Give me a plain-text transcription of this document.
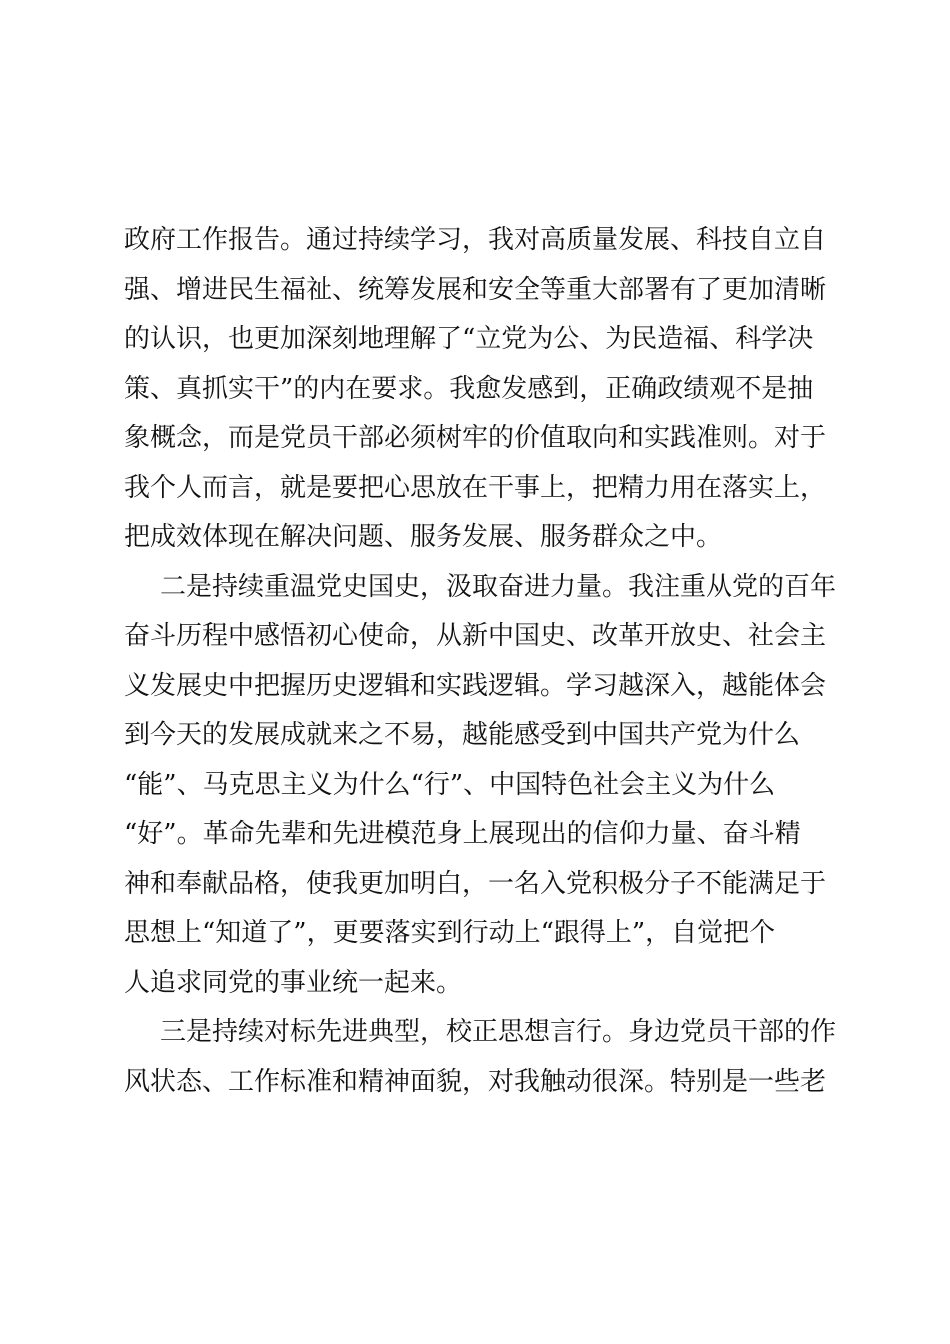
政府工作报告。通过持续学习，我对高质量发展、科技自立自
强、增进民生福祉、统筹发展和安全等重大部署有了更加清晰
的认识，也更加深刻地理解了“立党为公、为民造福、科学决
策、真抓实干”的内在要求。我愈发感到，正确政绩观不是抽
象概念，而是党员干部必须树牢的价值取向和实践准则。对于
我个人而言，就是要把心思放在干事上，把精力用在落实上，
把成效体现在解决问题、服务发展、服务群众之中。

二是持续重温党史国史，汲取奋进力量。我注重从党的百年
奋斗历程中感悟初心使命，从新中国史、改革开放史、社会主
义发展史中把握历史逻辑和实践逻辑。学习越深入，越能体会
到今天的发展成就来之不易，越能感受到中国共产党为什么
“能”、马克思主义为什么“行”、中国特色社会主义为什么
“好”。革命先辈和先进模范身上展现出的信仰力量、奋斗精
神和奉献品格，使我更加明白，一名入党积极分子不能满足于
思想上“知道了”，更要落实到行动上“跟得上”，自觉把个
人追求同党的事业统一起来。

三是持续对标先进典型，校正思想言行。身边党员干部的作
风状态、工作标准和精神面貌，对我触动很深。特别是一些老
